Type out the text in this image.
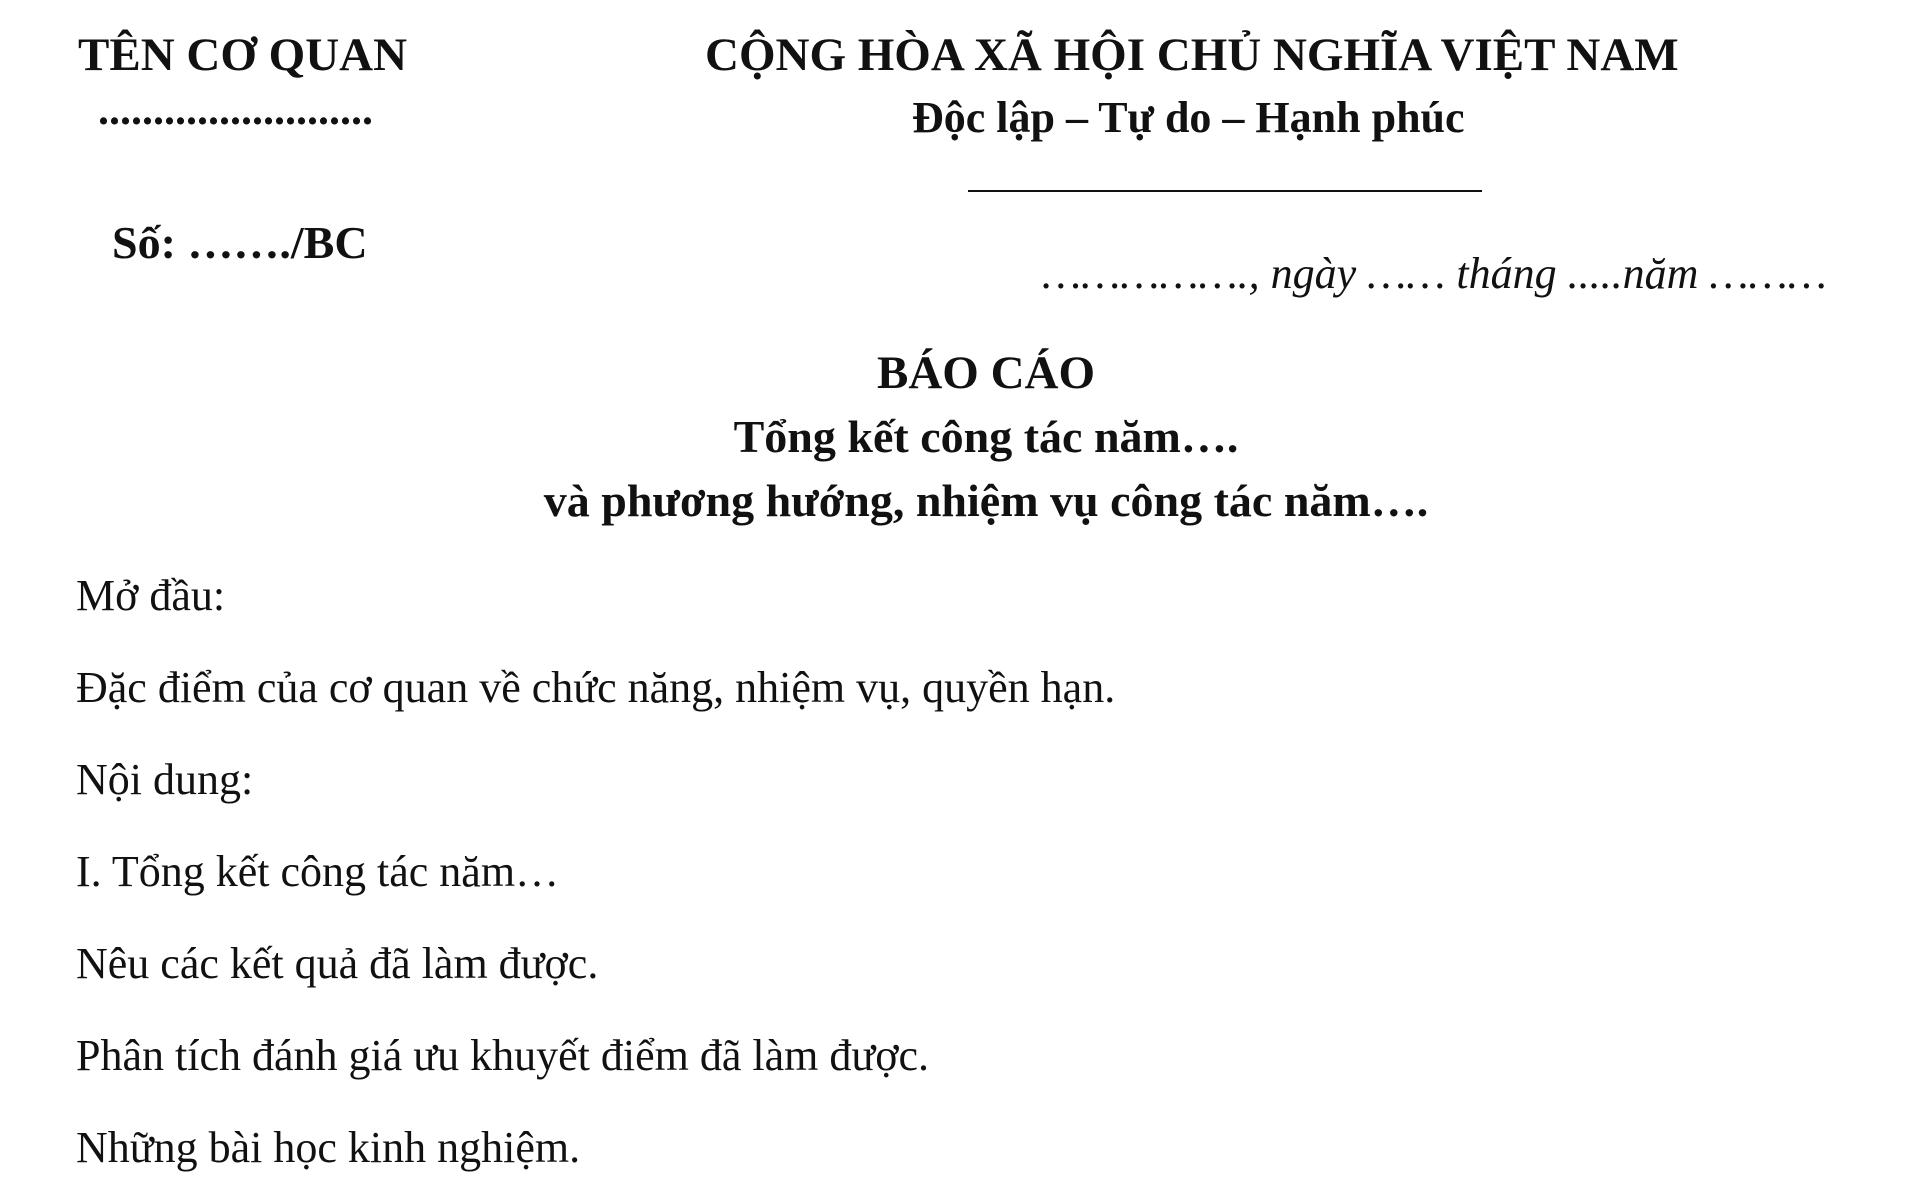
TÊN CƠ QUAN
.........................
CỘNG HÒA XÃ HỘI CHỦ NGHĨA VIỆT NAM
Độc lập – Tự do – Hạnh phúc
Số: ……./BC
……………., ngày …… tháng .....năm ………
BÁO CÁO
Tổng kết công tác năm….
và phương hướng, nhiệm vụ công tác năm….
Mở đầu:
Đặc điểm của cơ quan về chức năng, nhiệm vụ, quyền hạn.
Nội dung:
I. Tổng kết công tác năm…
Nêu các kết quả đã làm được.
Phân tích đánh giá ưu khuyết điểm đã làm được.
Những bài học kinh nghiệm.
